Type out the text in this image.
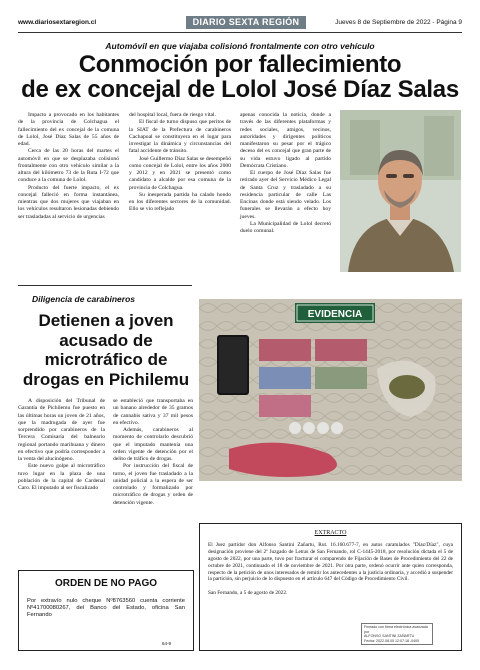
www.diariosextaregion.cl	DIARIO SEXTA REGIÓN	Jueves 8 de Septiembre de 2022 - Página 9
Automóvil en que viajaba colisionó frontalmente con otro vehículo
Conmoción por fallecimiento
de ex concejal de Lolol José Díaz Salas

Impacto a provocado en los habitantes de la provincia de Colchagua el fallecimiento del ex concejal de la comuna de Lolol, José Díaz Salas de 55 años de edad.

Cerca de las 20 horas del martes el automóvil en que se desplazaba colisionó frontalmente con otro vehículo similar a la altura del kilómetro 73 de la Ruta I-72 que conduce a la comuna de Lolol.

Producto del fuerte impacto, el ex concejal falleció en forma instantánea, mientras que dos mujeres que viajaban en los vehículos resultaron lesionadas debiendo ser trasladadas al servicio de urgencias

del hospital local, fuera de riesgo vital.

El fiscal de turno dispuso que peritos de la SIAT de la Prefectura de carabineros Cachapoal se constituyera en el lugar para investigar la dinámica y circunstancias del fatal accidente de tránsito.

José Guillermo Díaz Salas se desempeñó como concejal de Lolol, entre los años 2000 y 2012 y en 2021 se presentó como candidato a alcalde por esa comuna de la provincia de Colchagua.

Su inesperada partida ha calado hondo en los diferentes sectores de la comunidad. Ello se vio reflejado

apenas conocida la noticia, donde a través de las diferentes plataformas y redes sociales, amigos, vecinos, autoridades y dirigentes políticos manifestaron su pesar por el trágico deceso del ex concejal que gran parte de su vida estuvo ligado al partido Demócrata Cristiano.

El cuerpo de José Díaz Salas fue retirado ayer del Servicio Médico Legal de Santa Cruz y trasladado a su residencia particular de calle Las Encinas donde está siendo velado. Los funerales se llevarán a efecto hoy jueves.

La Municipalidad de Lolol decretó duelo comunal.

Diligencia de carabineros
Detienen a joven
acusado de
microtráfico de
drogas en Pichilemu
EVIDENCIA

A disposición del Tribunal de Garantía de Pichilemu fue puesto en las últimas horas un joven de 21 años, que la madrugada de ayer fue sorprendido por carabineros de la Tercera Comisaría del balneario regional portando marihuana y dinero en efectivo que podría corresponder a la venta del alucinógeno.

Este nuevo golpe al microtráfico tuvo lugar en la plaza de una población de la capital de Cardenal Caro. El imputado al ser fiscalizado

se estableció que transportaba en un banano alrededor de 35 gramos de cannabis sativa y 37 mil pesos en efectivo.

Además, carabineros al momento de controlarlo descubrió que el imputado mantenía una orden vigente de detención por el delito de tráfico de drogas.

Por instrucción del fiscal de turno, el joven fue trasladado a la unidad policial a la espera de ser controlado y formalizado por microtráfico de drogas y orden de detención vigente.

EXTRACTO
El Juez partidor don Alfonso Santini Zañartu, Rut. 16.160.677-7, en autos caratulados "Díaz/Díaz", cuya designación proviene del 2º Juzgado de Letras de San Fernando, rol C-1445-2018, por resolución dictada el 5 de agosto de 2022, por una parte, tuvo por fracturar el comparendo de Fijación de Bases de Procedimiento del 22 de octubre de 2021, continuado el 18 de noviembre de 2021. Por otra parte, ordenó ocurrir ante quien corresponda, respecto de la petición de unos interesados de remitir los antecedentes a la justicia ordinaria, y accedió a suspender la partición, sin perjuicio de lo dispuesto en el artículo 647 del Código de Procedimiento Civil.
San Fernando, a 5 de agosto de 2022.
Firmado con firma electrónica avanzada por
ALFONSO SANTINI ZAÑARTU
Fecha: 2022.08.05 12:07:18 -0400
ORDEN DE NO PAGO
Por extravío nulo cheque Nº8763560 cuenta corriente Nº41700080267, del Banco del Estado, oficina San Fernando
64-9
